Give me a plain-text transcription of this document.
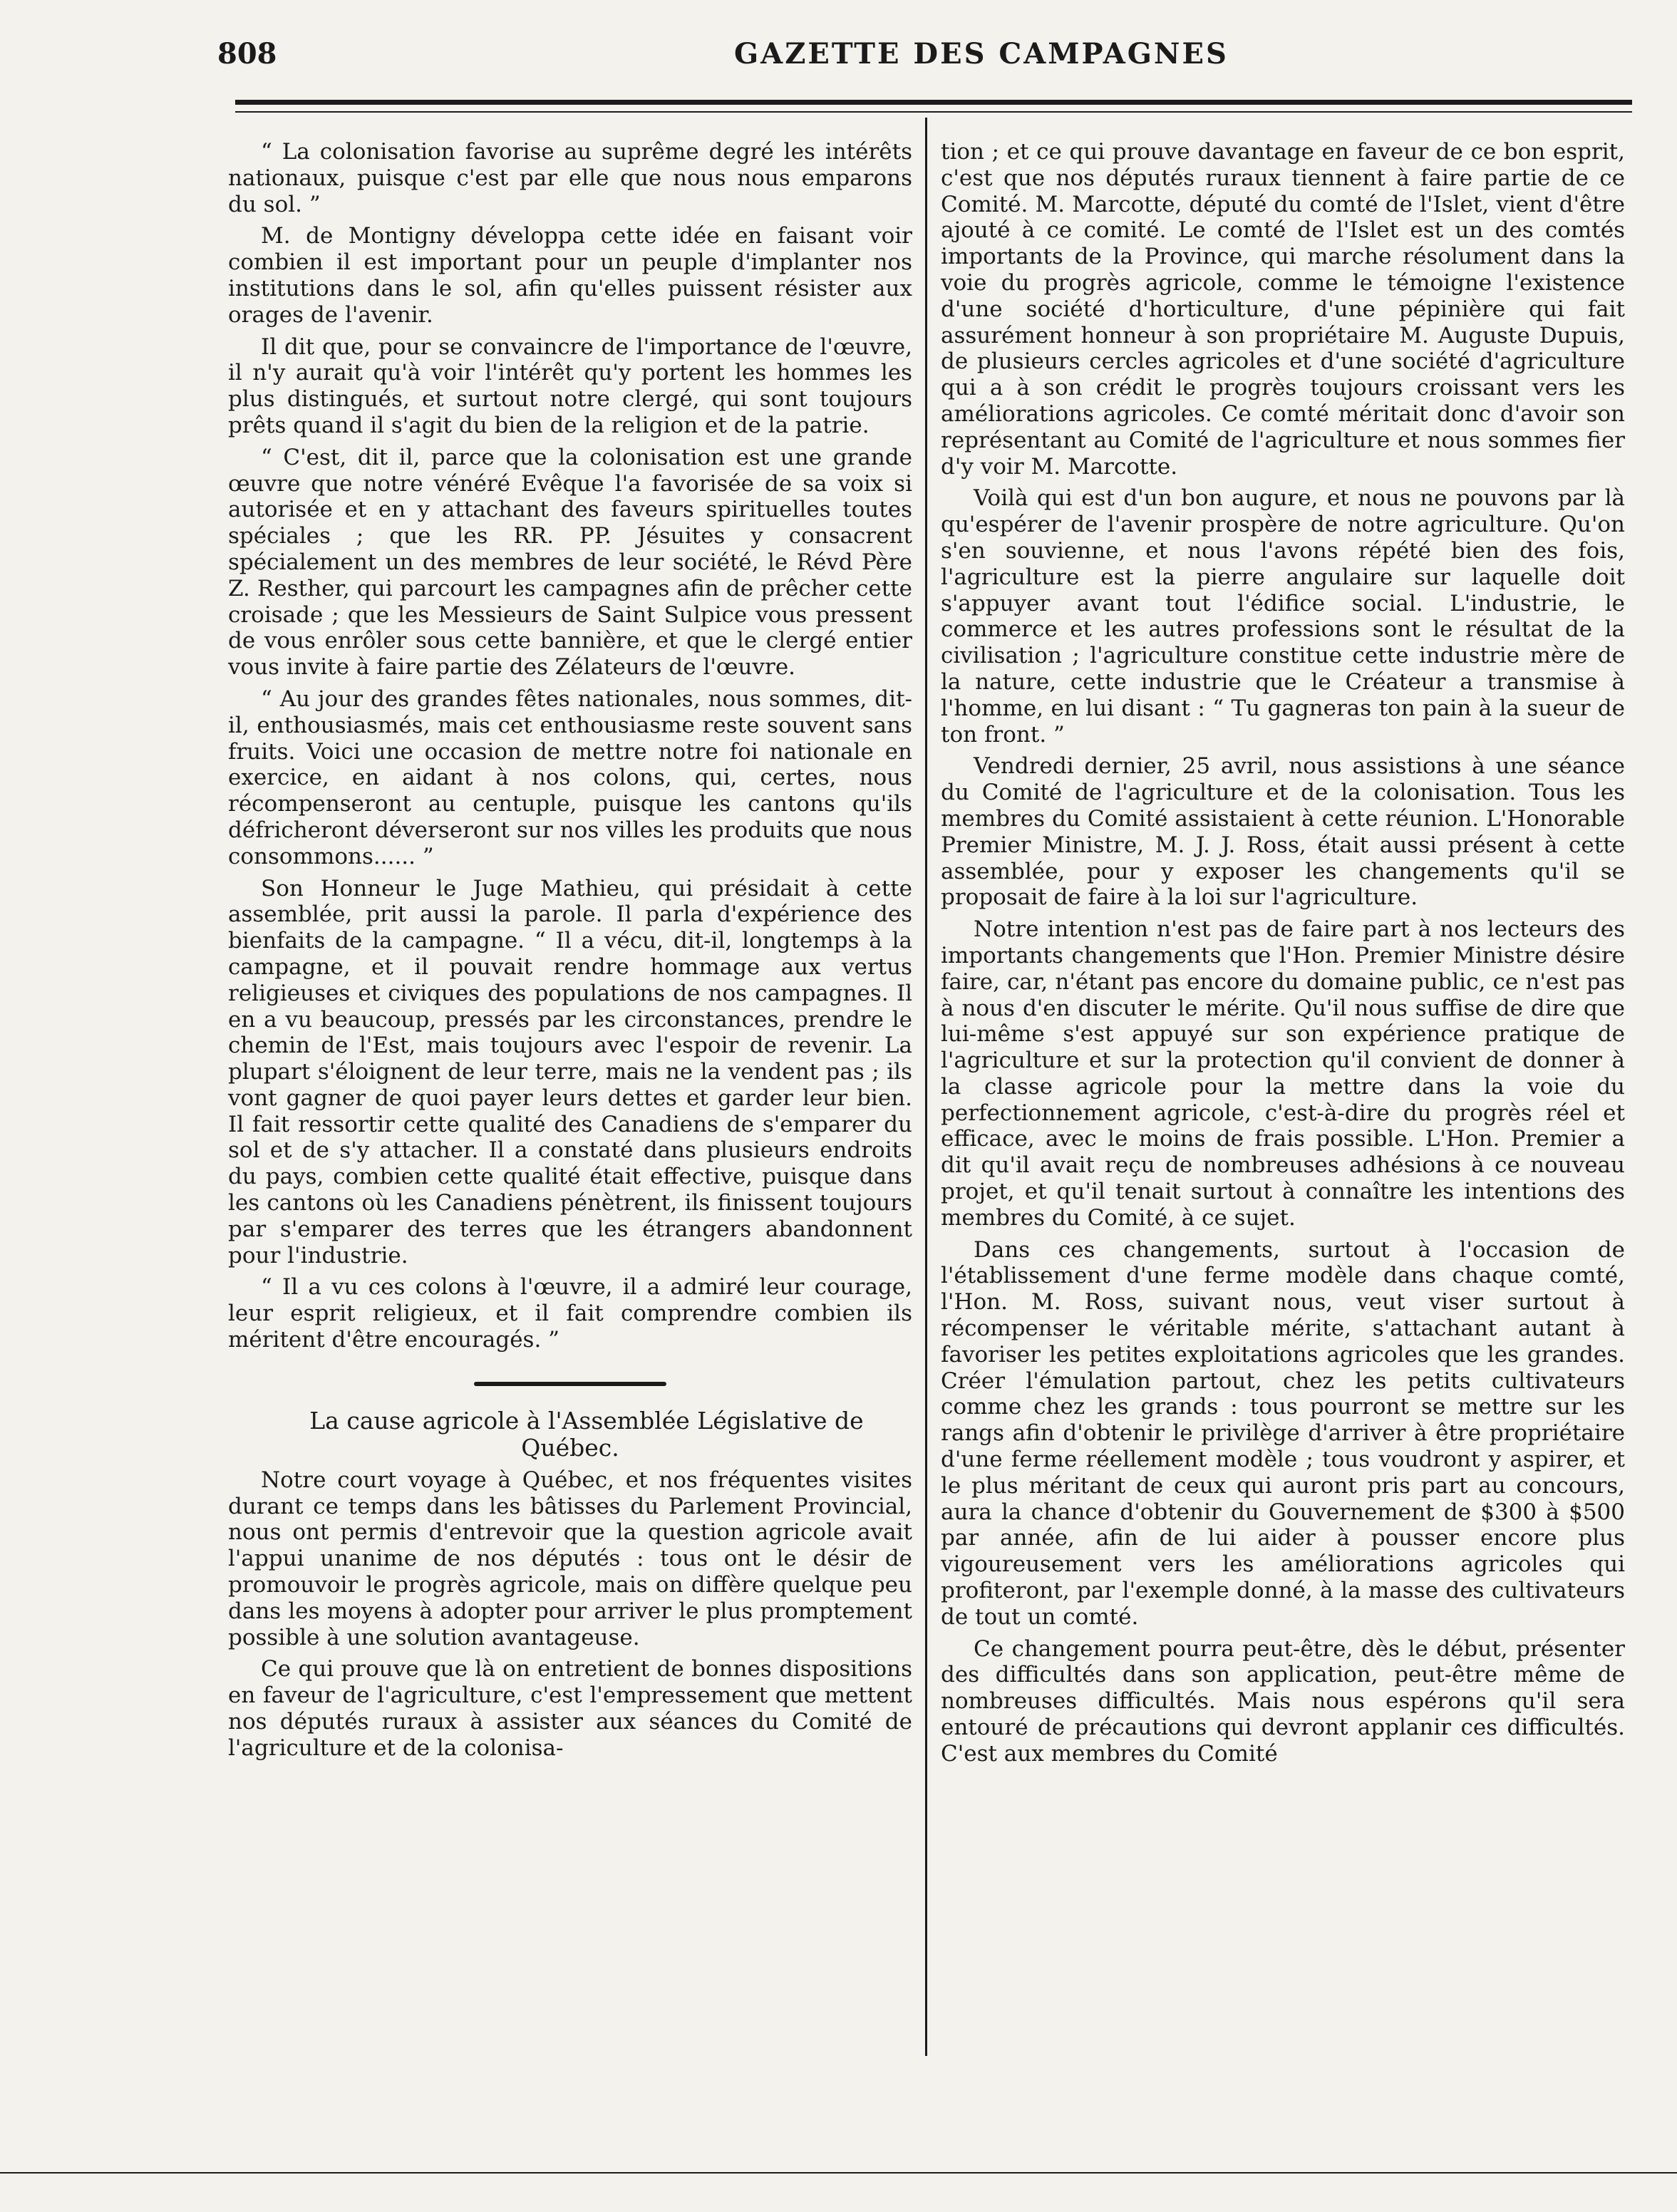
808	GAZETTE DES CAMPAGNES

“ La colonisation favorise au suprême degré les intérêts nationaux, puisque c'est par elle que nous nous emparons du sol. ”

M. de Montigny développa cette idée en faisant voir combien il est important pour un peuple d'implanter nos institutions dans le sol, afin qu'elles puissent résister aux orages de l'avenir.

Il dit que, pour se convaincre de l'importance de l'œuvre, il n'y aurait qu'à voir l'intérêt qu'y portent les hommes les plus distingués, et surtout notre clergé, qui sont toujours prêts quand il s'agit du bien de la religion et de la patrie.

“ C'est, dit il, parce que la colonisation est une grande œuvre que notre vénéré Evêque l'a favorisée de sa voix si autorisée et en y attachant des faveurs spirituelles toutes spéciales ; que les RR. PP. Jésuites y consacrent spécialement un des membres de leur société, le Révd Père Z. Resther, qui parcourt les campagnes afin de prêcher cette croisade ; que les Messieurs de Saint Sulpice vous pressent de vous enrôler sous cette bannière, et que le clergé entier vous invite à faire partie des Zélateurs de l'œuvre.

“ Au jour des grandes fêtes nationales, nous sommes, dit-il, enthousiasmés, mais cet enthousiasme reste souvent sans fruits. Voici une occasion de mettre notre foi nationale en exercice, en aidant à nos colons, qui, certes, nous récompenseront au centuple, puisque les cantons qu'ils défricheront déverseront sur nos villes les produits que nous consommons...... ”

Son Honneur le Juge Mathieu, qui présidait à cette assemblée, prit aussi la parole. Il parla d'expérience des bienfaits de la campagne. “ Il a vécu, dit-il, longtemps à la campagne, et il pouvait rendre hommage aux vertus religieuses et civiques des populations de nos campagnes. Il en a vu beaucoup, pressés par les circonstances, prendre le chemin de l'Est, mais toujours avec l'espoir de revenir. La plupart s'éloignent de leur terre, mais ne la vendent pas ; ils vont gagner de quoi payer leurs dettes et garder leur bien. Il fait ressortir cette qualité des Canadiens de s'emparer du sol et de s'y attacher. Il a constaté dans plusieurs endroits du pays, combien cette qualité était effective, puisque dans les cantons où les Canadiens pénètrent, ils finissent toujours par s'emparer des terres que les étrangers abandonnent pour l'industrie.

“ Il a vu ces colons à l'œuvre, il a admiré leur courage, leur esprit religieux, et il fait comprendre combien ils méritent d'être encouragés. ”

La cause agricole à l'Assemblée Législative de Québec.

Notre court voyage à Québec, et nos fréquentes visites durant ce temps dans les bâtisses du Parlement Provincial, nous ont permis d'entrevoir que la question agricole avait l'appui unanime de nos députés : tous ont le désir de promouvoir le progrès agricole, mais on diffère quelque peu dans les moyens à adopter pour arriver le plus promptement possible à une solution avantageuse.

Ce qui prouve que là on entretient de bonnes dispositions en faveur de l'agriculture, c'est l'empressement que mettent nos députés ruraux à assister aux séances du Comité de l'agriculture et de la colonisa-

tion ; et ce qui prouve davantage en faveur de ce bon esprit, c'est que nos députés ruraux tiennent à faire partie de ce Comité. M. Marcotte, député du comté de l'Islet, vient d'être ajouté à ce comité. Le comté de l'Islet est un des comtés importants de la Province, qui marche résolument dans la voie du progrès agricole, comme le témoigne l'existence d'une société d'horticulture, d'une pépinière qui fait assurément honneur à son propriétaire M. Auguste Dupuis, de plusieurs cercles agricoles et d'une société d'agriculture qui a à son crédit le progrès toujours croissant vers les améliorations agricoles. Ce comté méritait donc d'avoir son représentant au Comité de l'agriculture et nous sommes fier d'y voir M. Marcotte.

Voilà qui est d'un bon augure, et nous ne pouvons par là qu'espérer de l'avenir prospère de notre agriculture. Qu'on s'en souvienne, et nous l'avons répété bien des fois, l'agriculture est la pierre angulaire sur laquelle doit s'appuyer avant tout l'édifice social. L'industrie, le commerce et les autres professions sont le résultat de la civilisation ; l'agriculture constitue cette industrie mère de la nature, cette industrie que le Créateur a transmise à l'homme, en lui disant : “ Tu gagneras ton pain à la sueur de ton front. ”

Vendredi dernier, 25 avril, nous assistions à une séance du Comité de l'agriculture et de la colonisation. Tous les membres du Comité assistaient à cette réunion. L'Honorable Premier Ministre, M. J. J. Ross, était aussi présent à cette assemblée, pour y exposer les changements qu'il se proposait de faire à la loi sur l'agriculture.

Notre intention n'est pas de faire part à nos lecteurs des importants changements que l'Hon. Premier Ministre désire faire, car, n'étant pas encore du domaine public, ce n'est pas à nous d'en discuter le mérite. Qu'il nous suffise de dire que lui-même s'est appuyé sur son expérience pratique de l'agriculture et sur la protection qu'il convient de donner à la classe agricole pour la mettre dans la voie du perfectionnement agricole, c'est-à-dire du progrès réel et efficace, avec le moins de frais possible. L'Hon. Premier a dit qu'il avait reçu de nombreuses adhésions à ce nouveau projet, et qu'il tenait surtout à connaître les intentions des membres du Comité, à ce sujet.

Dans ces changements, surtout à l'occasion de l'établissement d'une ferme modèle dans chaque comté, l'Hon. M. Ross, suivant nous, veut viser surtout à récompenser le véritable mérite, s'attachant autant à favoriser les petites exploitations agricoles que les grandes. Créer l'émulation partout, chez les petits cultivateurs comme chez les grands : tous pourront se mettre sur les rangs afin d'obtenir le privilège d'arriver à être propriétaire d'une ferme réellement modèle ; tous voudront y aspirer, et le plus méritant de ceux qui auront pris part au concours, aura la chance d'obtenir du Gouvernement de $300 à $500 par année, afin de lui aider à pousser encore plus vigoureusement vers les améliorations agricoles qui profiteront, par l'exemple donné, à la masse des cultivateurs de tout un comté.

Ce changement pourra peut-être, dès le début, présenter des difficultés dans son application, peut-être même de nombreuses difficultés. Mais nous espérons qu'il sera entouré de précautions qui devront applanir ces difficultés. C'est aux membres du Comité
